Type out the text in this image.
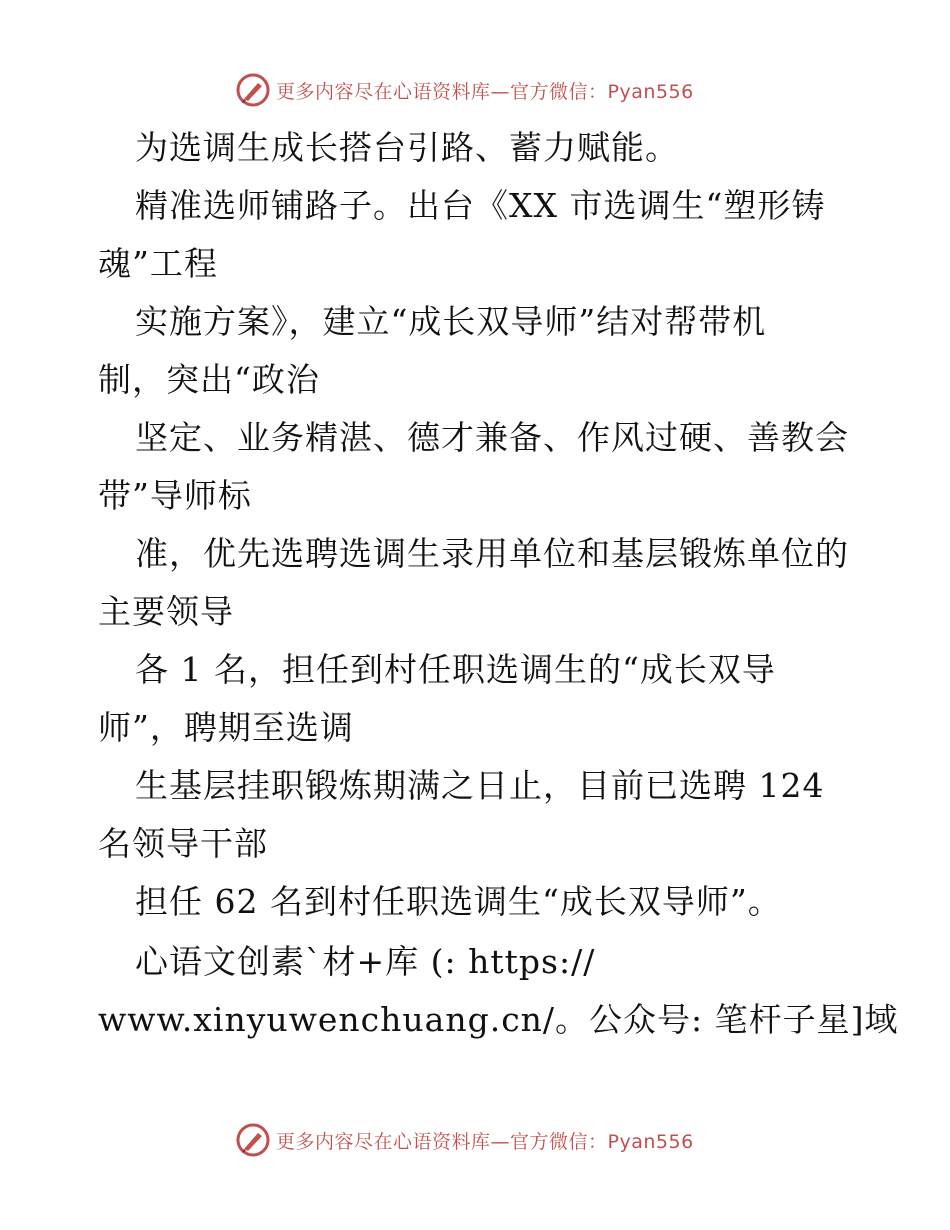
更多内容尽在心语资料库—官方微信：Pyan556
为选调生成长搭台引路、蓄力赋能。
精准选师铺路子。出台《XX 市选调生“塑形铸
魂”工程
实施方案》，建立“成长双导师”结对帮带机
制，突出“政治
坚定、业务精湛、德才兼备、作风过硬、善教会
带”导师标
准，优先选聘选调生录用单位和基层锻炼单位的
主要领导
各 1 名，担任到村任职选调生的“成长双导
师”，聘期至选调
生基层挂职锻炼期满之日止，目前已选聘 124
名领导干部
担任 62 名到村任职选调生“成长双导师”。
心语文创素`材+库 (: https://
www.xinyuwenchuang.cn/。公众号: 笔杆子星]域
更多内容尽在心语资料库—官方微信：Pyan556
